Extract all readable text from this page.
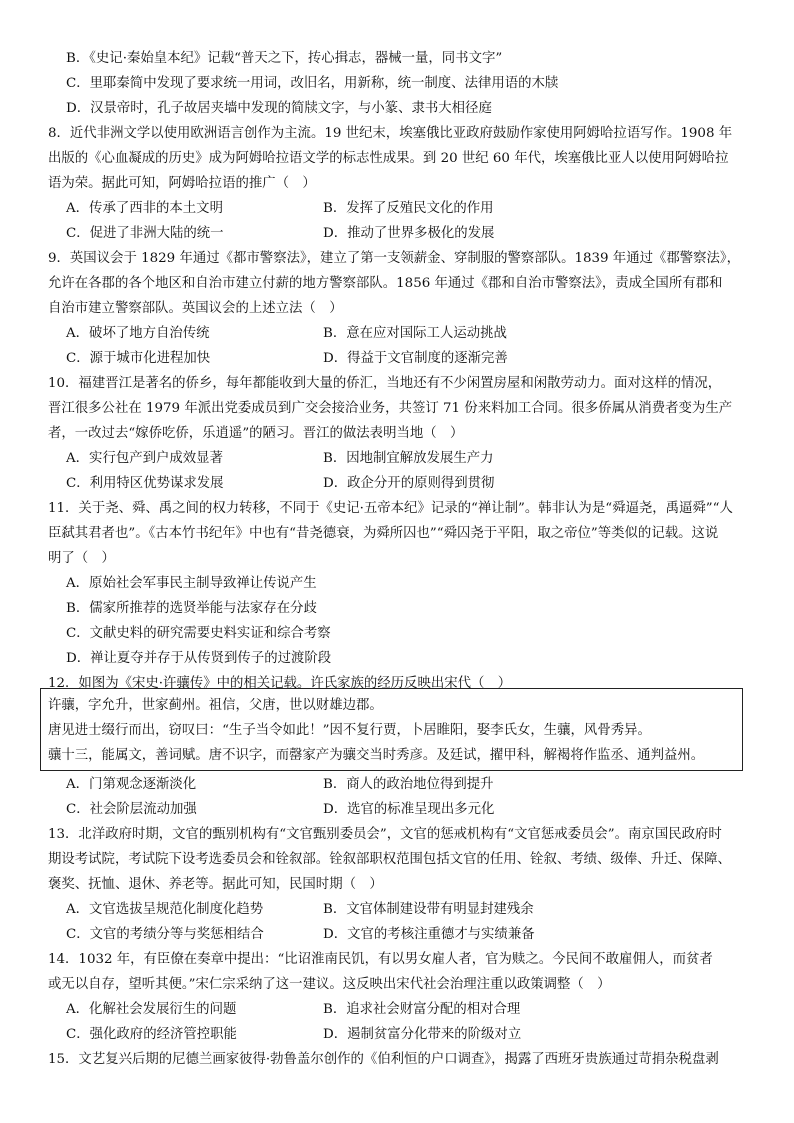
B．《史记·秦始皇本纪》记载“普天之下，抟心揖志，器械一量，同书文字”
C．里耶秦简中发现了要求统一用词，改旧名，用新称，统一制度、法律用语的木牍
D．汉景帝时，孔子故居夹墙中发现的简牍文字，与小篆、隶书大相径庭
8．近代非洲文学以使用欧洲语言创作为主流。19 世纪末，埃塞俄比亚政府鼓励作家使用阿姆哈拉语写作。1908 年
出版的《心血凝成的历史》成为阿姆哈拉语文学的标志性成果。到 20 世纪 60 年代，埃塞俄比亚人以使用阿姆哈拉
语为荣。据此可知，阿姆哈拉语的推广（　）
A．传承了西非的本土文明	B．发挥了反殖民文化的作用
C．促进了非洲大陆的统一	D．推动了世界多极化的发展
9．英国议会于 1829 年通过《都市警察法》，建立了第一支领薪金、穿制服的警察部队。1839 年通过《郡警察法》，
允许在各郡的各个地区和自治市建立付薪的地方警察部队。1856 年通过《郡和自治市警察法》，责成全国所有郡和
自治市建立警察部队。英国议会的上述立法（　）
A．破坏了地方自治传统	B．意在应对国际工人运动挑战
C．源于城市化进程加快	D．得益于文官制度的逐渐完善
10．福建晋江是著名的侨乡，每年都能收到大量的侨汇，当地还有不少闲置房屋和闲散劳动力。面对这样的情况，
晋江很多公社在 1979 年派出党委成员到广交会接洽业务，共签订 71 份来料加工合同。很多侨属从消费者变为生产
者，一改过去“嫁侨吃侨，乐逍遥”的陋习。晋江的做法表明当地（　）
A．实行包产到户成效显著	B．因地制宜解放发展生产力
C．利用特区优势谋求发展	D．政企分开的原则得到贯彻
11．关于尧、舜、禹之间的权力转移，不同于《史记·五帝本纪》记录的“禅让制”。韩非认为是“舜逼尧，禹逼舜”“人
臣弑其君者也”。《古本竹书纪年》中也有“昔尧德衰，为舜所囚也”“舜囚尧于平阳，取之帝位”等类似的记载。这说
明了（　）
A．原始社会军事民主制导致禅让传说产生
B．儒家所推荐的选贤举能与法家存在分歧
C．文献史料的研究需要史料实证和综合考察
D．禅让夏夺并存于从传贤到传子的过渡阶段
12．如图为《宋史·许骧传》中的相关记载。许氏家族的经历反映出宋代（　）
许骧，字允升，世家蓟州。祖信，父唐，世以财雄边郡。
唐见进士缀行而出，窃叹曰：“生子当令如此！”因不复行贾，卜居睢阳，娶李氏女，生骧，风骨秀异。
骧十三，能属文，善词赋。唐不识字，而罄家产为骧交当时秀彦。及廷试，擢甲科，解褐将作监丞、通判益州。
A．门第观念逐渐淡化	B．商人的政治地位得到提升
C．社会阶层流动加强	D．选官的标准呈现出多元化
13．北洋政府时期，文官的甄别机构有“文官甄别委员会”，文官的惩戒机构有“文官惩戒委员会”。南京国民政府时
期设考试院，考试院下设考选委员会和铨叙部。铨叙部职权范围包括文官的任用、铨叙、考绩、级俸、升迁、保障、
褒奖、抚恤、退休、养老等。据此可知，民国时期（　）
A．文官选拔呈规范化制度化趋势	B．文官体制建设带有明显封建残余
C．文官的考绩分等与奖惩相结合	D．文官的考核注重德才与实绩兼备
14．1032 年，有臣僚在奏章中提出：“比诏淮南民饥，有以男女雇人者，官为赎之。今民间不敢雇佣人，而贫者
或无以自存，望听其便。”宋仁宗采纳了这一建议。这反映出宋代社会治理注重以政策调整（　）
A．化解社会发展衍生的问题	B．追求社会财富分配的相对合理
C．强化政府的经济管控职能	D．遏制贫富分化带来的阶级对立
15．文艺复兴后期的尼德兰画家彼得·勃鲁盖尔创作的《伯利恒的户口调查》，揭露了西班牙贵族通过苛捐杂税盘剥
